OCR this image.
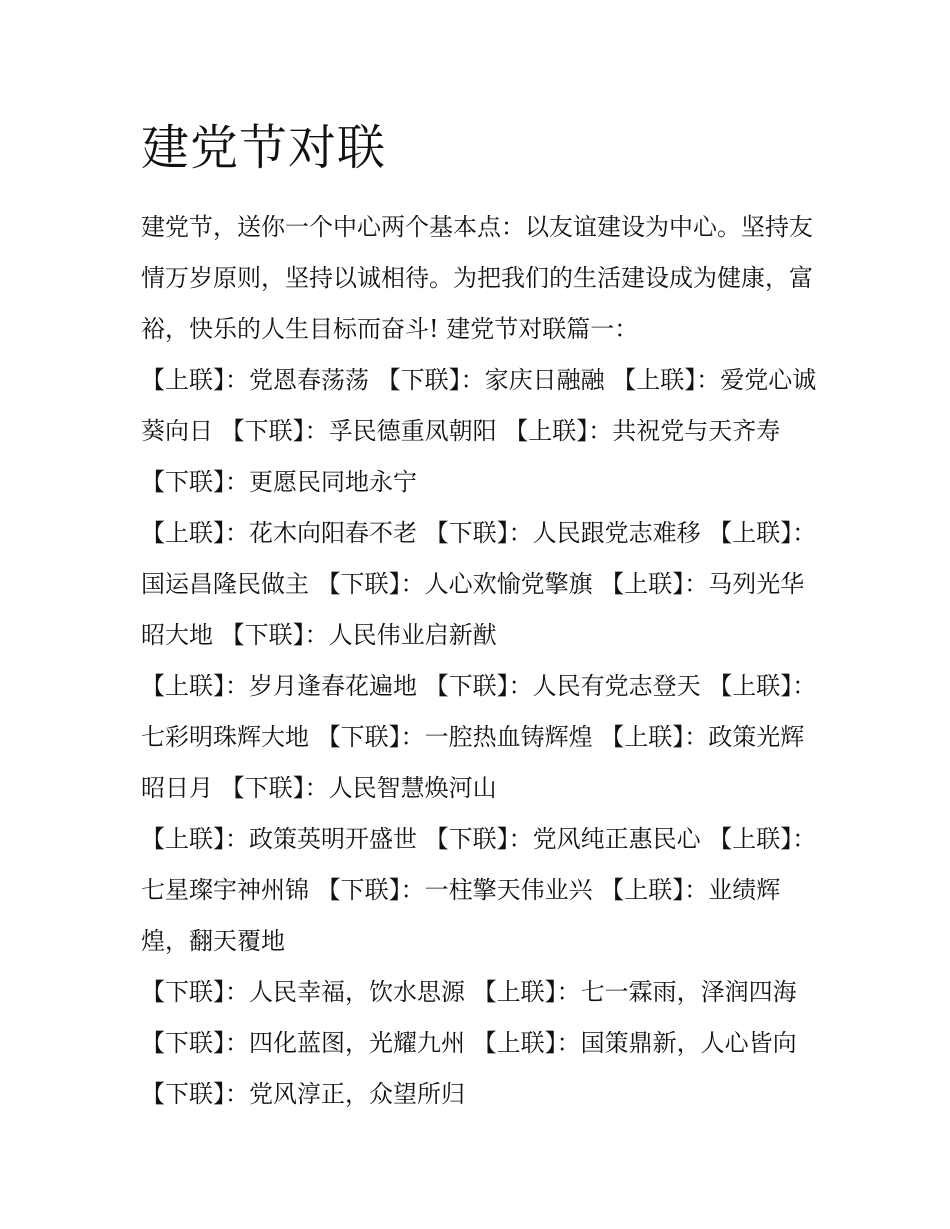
建党节对联

建党节，送你一个中心两个基本点：以友谊建设为中心。坚持友情万岁原则，坚持以诚相待。为把我们的生活建设成为健康，富裕，快乐的人生目标而奋斗! 建党节对联篇一：

【上联】：党恩春荡荡 【下联】：家庆日融融 【上联】：爱党心诚葵向日 【下联】：孚民德重凤朝阳 【上联】：共祝党与天齐寿 【下联】：更愿民同地永宁

【上联】：花木向阳春不老 【下联】：人民跟党志难移 【上联】：国运昌隆民做主 【下联】：人心欢愉党擎旗 【上联】：马列光华昭大地 【下联】：人民伟业启新猷

【上联】：岁月逢春花遍地 【下联】：人民有党志登天 【上联】：七彩明珠辉大地 【下联】：一腔热血铸辉煌 【上联】：政策光辉昭日月 【下联】：人民智慧焕河山

【上联】：政策英明开盛世 【下联】：党风纯正惠民心 【上联】：七星璨宇神州锦 【下联】：一柱擎天伟业兴 【上联】：业绩辉煌，翻天覆地

【下联】：人民幸福，饮水思源 【上联】：七一霖雨，泽润四海 【下联】：四化蓝图，光耀九州 【上联】：国策鼎新，人心皆向 【下联】：党风淳正，众望所归
